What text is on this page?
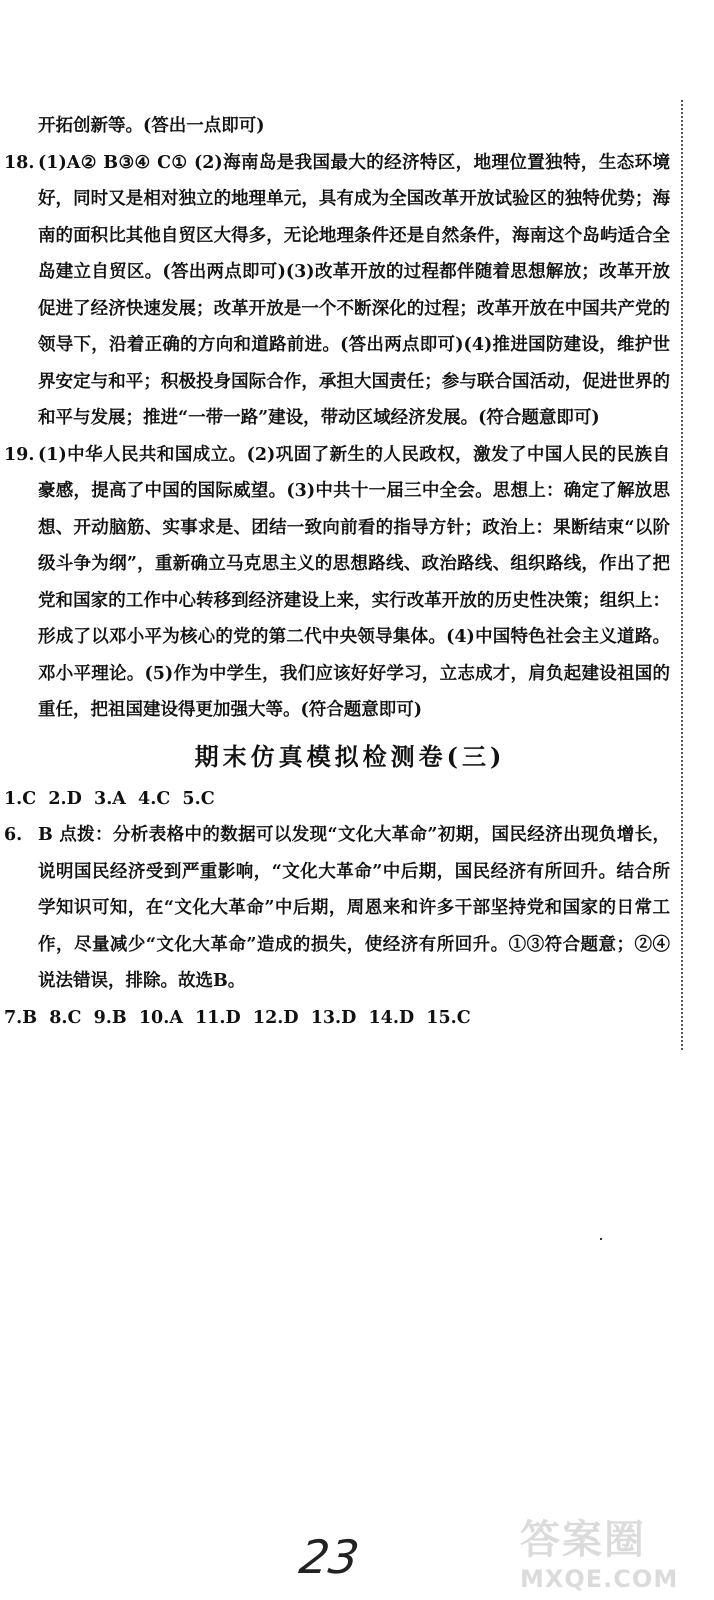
开拓创新等。(答出一点即可)
18. (1)A② B③④ C① (2)海南岛是我国最大的经济特区，地理位置独特，生态环境好，同时又是相对独立的地理单元，具有成为全国改革开放试验区的独特优势；海南的面积比其他自贸区大得多，无论地理条件还是自然条件，海南这个岛屿适合全岛建立自贸区。(答出两点即可)(3)改革开放的过程都伴随着思想解放；改革开放促进了经济快速发展；改革开放是一个不断深化的过程；改革开放在中国共产党的领导下，沿着正确的方向和道路前进。(答出两点即可)(4)推进国防建设，维护世界安定与和平；积极投身国际合作，承担大国责任；参与联合国活动，促进世界的和平与发展；推进“一带一路”建设，带动区域经济发展。(符合题意即可)
19. (1)中华人民共和国成立。(2)巩固了新生的人民政权，激发了中国人民的民族自豪感，提高了中国的国际威望。(3)中共十一届三中全会。思想上：确定了解放思想、开动脑筋、实事求是、团结一致向前看的指导方针；政治上：果断结束“以阶级斗争为纲”，重新确立马克思主义的思想路线、政治路线、组织路线，作出了把党和国家的工作中心转移到经济建设上来，实行改革开放的历史性决策；组织上：形成了以邓小平为核心的党的第二代中央领导集体。(4)中国特色社会主义道路。邓小平理论。(5)作为中学生，我们应该好好学习，立志成才，肩负起建设祖国的重任，把祖国建设得更加强大等。(符合题意即可)
期末仿真模拟检测卷(三)
1.C  2.D  3.A  4.C  5.C
6. B 点拨：分析表格中的数据可以发现“文化大革命”初期，国民经济出现负增长，说明国民经济受到严重影响，“文化大革命”中后期，国民经济有所回升。结合所学知识可知，在“文化大革命”中后期，周恩来和许多干部坚持党和国家的日常工作，尽量减少“文化大革命”造成的损失，使经济有所回升。①③符合题意；②④说法错误，排除。故选B。
7.B  8.C  9.B  10.A  11.D  12.D  13.D  14.D  15.C
23	答案圈
MXQE.COM
